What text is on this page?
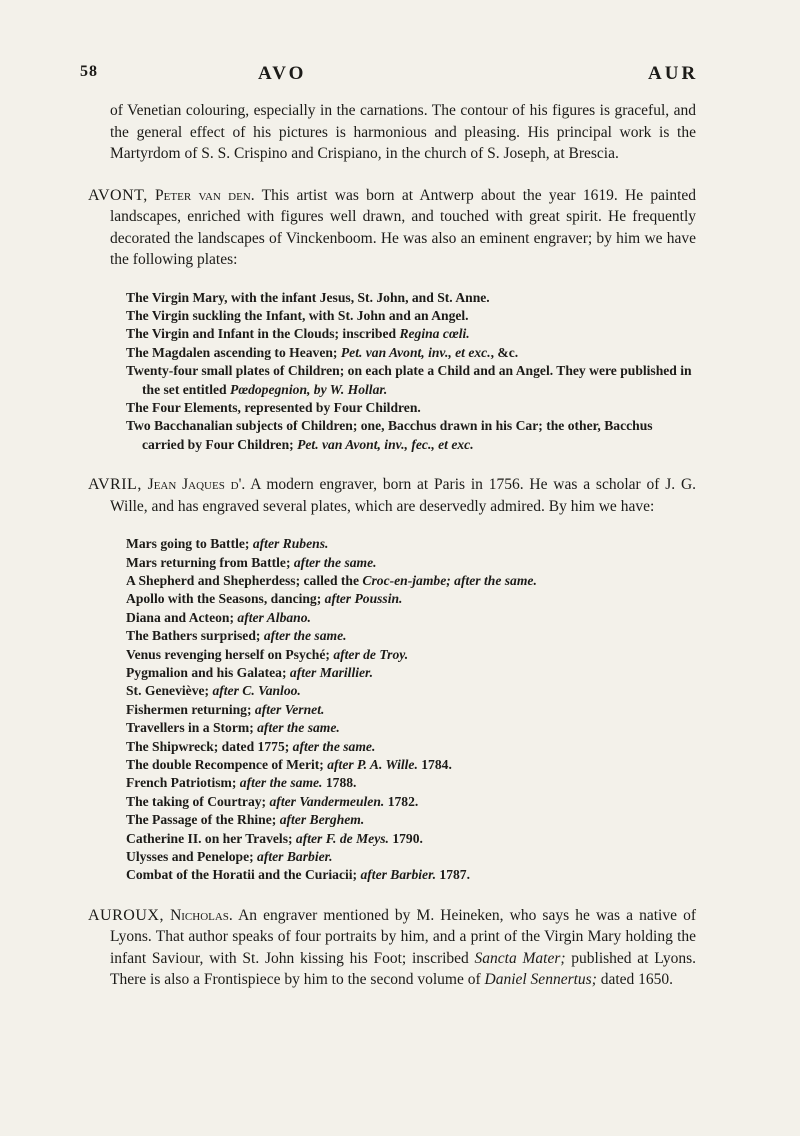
58	AVO	AUR

of Venetian colouring, especially in the carnations. The contour of his figures is graceful, and the general effect of his pictures is harmonious and pleasing. His principal work is the Martyrdom of S. S. Crispino and Crispiano, in the church of S. Joseph, at Brescia.

AVONT, Peter van den. This artist was born at Antwerp about the year 1619. He painted landscapes, enriched with figures well drawn, and touched with great spirit. He frequently decorated the landscapes of Vinckenboom. He was also an eminent engraver; by him we have the following plates:

The Virgin Mary, with the infant Jesus, St. John, and St. Anne.
The Virgin suckling the Infant, with St. John and an Angel.
The Virgin and Infant in the Clouds; inscribed Regina cœli.
The Magdalen ascending to Heaven; Pet. van Avont, inv., et exc., &c.
Twenty-four small plates of Children; on each plate a Child and an Angel. They were published in the set entitled Pœdopegnion, by W. Hollar.
The Four Elements, represented by Four Children.
Two Bacchanalian subjects of Children; one, Bacchus drawn in his Car; the other, Bacchus carried by Four Children; Pet. van Avont, inv., fec., et exc.

AVRIL, Jean Jaques d'. A modern engraver, born at Paris in 1756. He was a scholar of J. G. Wille, and has engraved several plates, which are deservedly admired. By him we have:

Mars going to Battle; after Rubens.
Mars returning from Battle; after the same.
A Shepherd and Shepherdess; called the Croc-en-jambe; after the same.
Apollo with the Seasons, dancing; after Poussin.
Diana and Acteon; after Albano.
The Bathers surprised; after the same.
Venus revenging herself on Psyché; after de Troy.
Pygmalion and his Galatea; after Marillier.
St. Geneviève; after C. Vanloo.
Fishermen returning; after Vernet.
Travellers in a Storm; after the same.
The Shipwreck; dated 1775; after the same.
The double Recompence of Merit; after P. A. Wille. 1784.
French Patriotism; after the same. 1788.
The taking of Courtray; after Vandermeulen. 1782.
The Passage of the Rhine; after Berghem.
Catherine II. on her Travels; after F. de Meys. 1790.
Ulysses and Penelope; after Barbier.
Combat of the Horatii and the Curiacii; after Barbier. 1787.

AUROUX, Nicholas. An engraver mentioned by M. Heineken, who says he was a native of Lyons. That author speaks of four portraits by him, and a print of the Virgin Mary holding the infant Saviour, with St. John kissing his Foot; inscribed Sancta Mater; published at Lyons. There is also a Frontispiece by him to the second volume of Daniel Sennertus; dated 1650.
